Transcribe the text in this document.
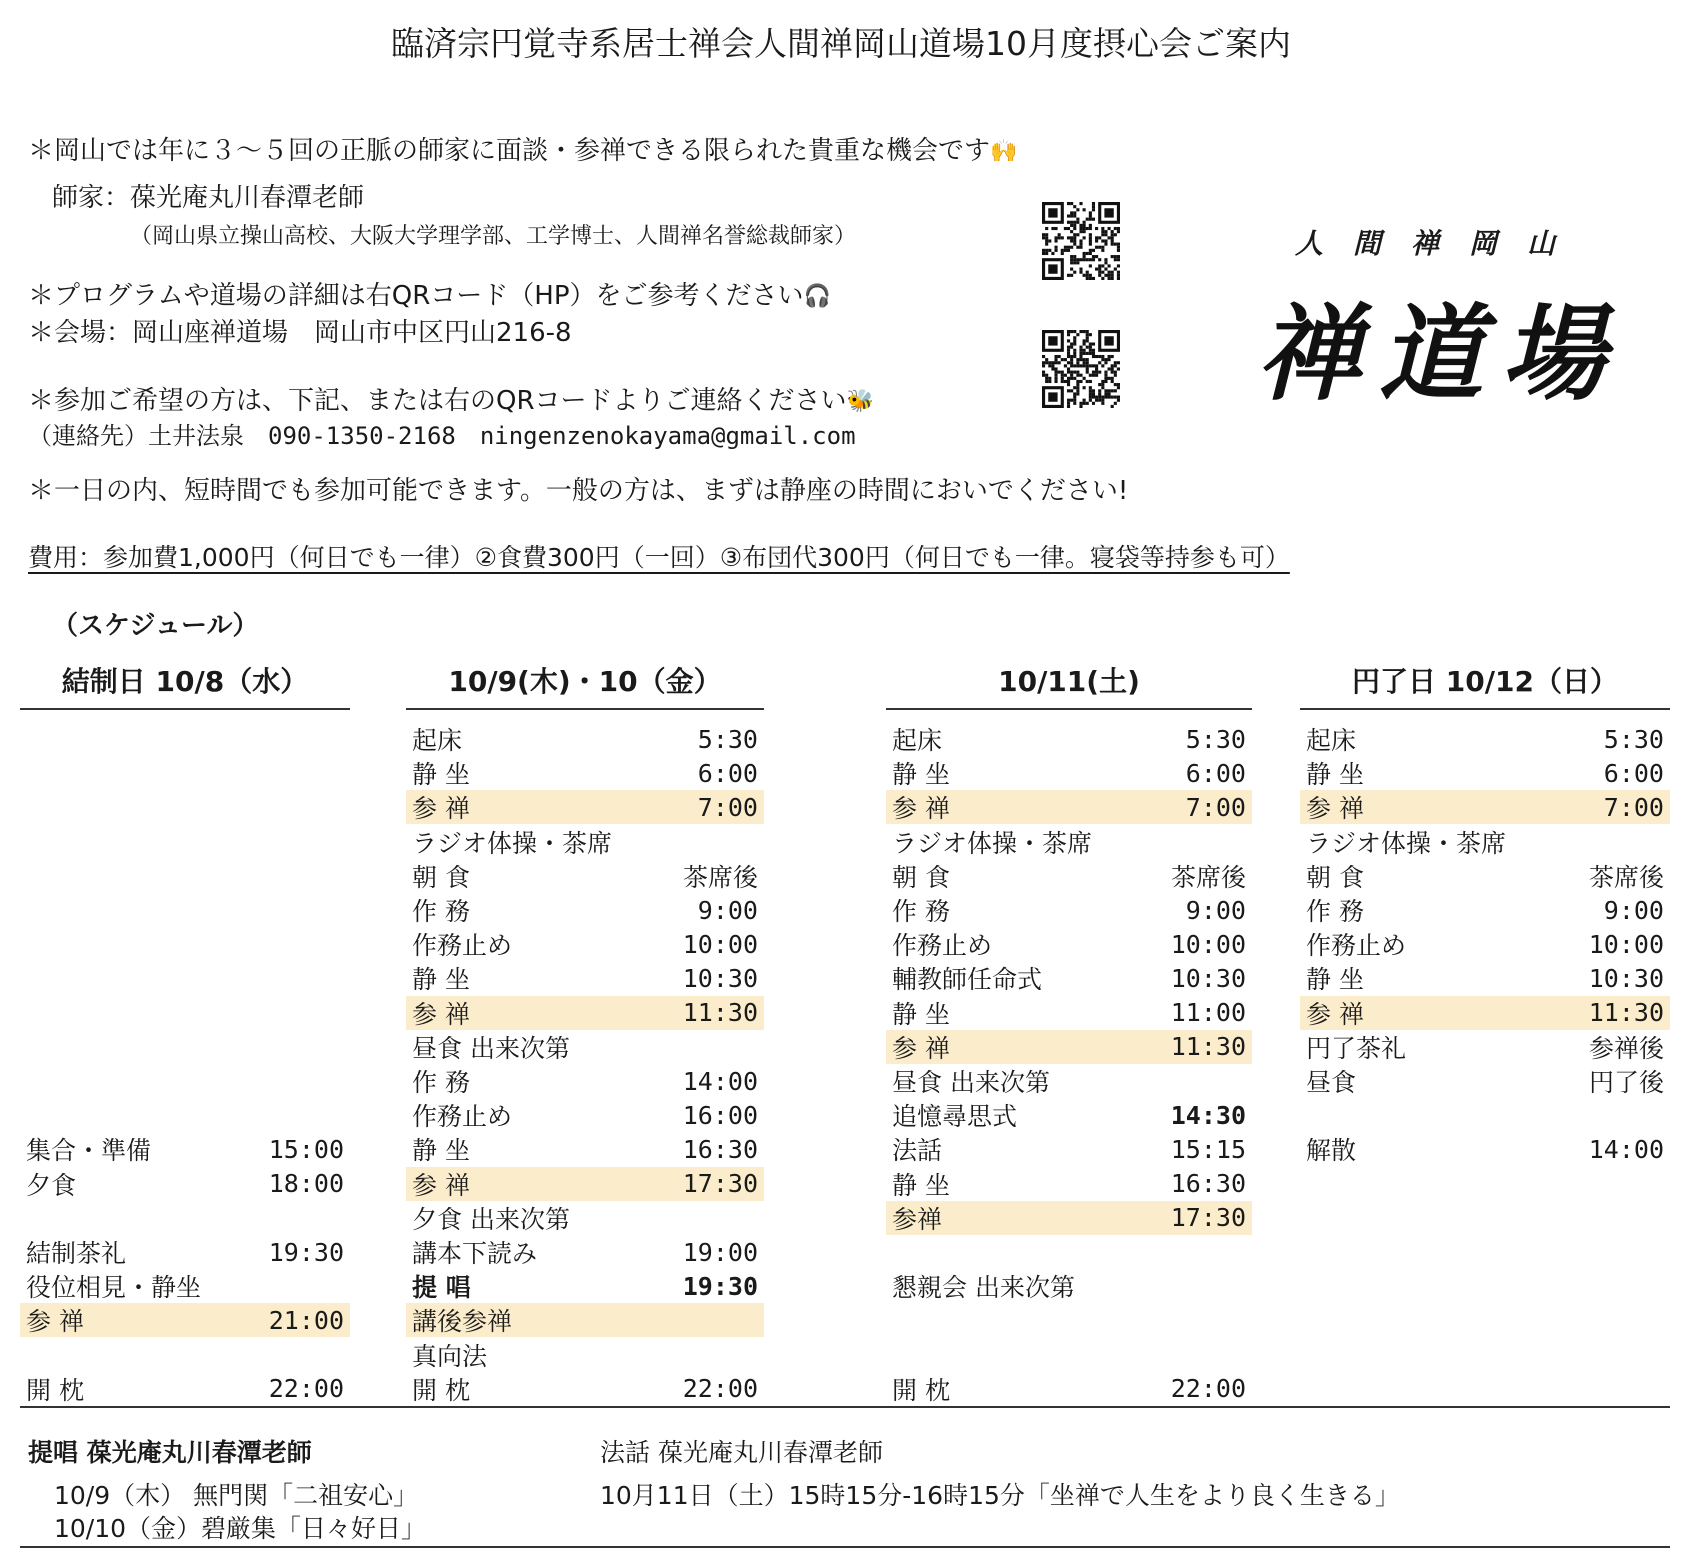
臨済宗円覚寺系居士禅会人間禅岡山道場10月度摂心会ご案内
＊岡山では年に３～５回の正脈の師家に面談・参禅できる限られた貴重な機会です🙌
師家：葆光庵丸川春潭老師
（岡山県立操山高校、大阪大学理学部、工学博士、人間禅名誉総裁師家）
＊プログラムや道場の詳細は右QRコード（HP）をご参考ください🎧
＊会場：岡山座禅道場　岡山市中区円山216-8
＊参加ご希望の方は、下記、または右のQRコードよりご連絡ください🐝
（連絡先）土井法泉　090-1350-2168　ningenzenokayama@gmail.com
＊一日の内、短時間でも参加可能できます。一般の方は、まずは静座の時間においでください!
費用：参加費1,000円（何日でも一律）②食費300円（一回）③布団代300円（何日でも一律。寝袋等持参も可）
人間禅岡山
禅道場
（スケジュール）
結制日 10/8（水）	10/9(木)・10（金）	10/11(土)	円了日 10/12（日）
集合・準備	15:00
夕食	18:00
結制茶礼	19:30
役位相見・静坐
参 禅	21:00
開 枕	22:00
起床	5:30
静 坐	6:00
参 禅	7:00
ラジオ体操・茶席
朝 食	茶席後
作 務	9:00
作務止め	10:00
静 坐	10:30
参 禅	11:30
昼食 出来次第
作 務	14:00
作務止め	16:00
静 坐	16:30
参 禅	17:30
夕食 出来次第
講本下読み	19:00
提 唱	19:30
講後参禅
真向法
開 枕	22:00
起床	5:30
静 坐	6:00
参 禅	7:00
ラジオ体操・茶席
朝 食	茶席後
作 務	9:00
作務止め	10:00
輔教師任命式	10:30
静 坐	11:00
参 禅	11:30
昼食 出来次第
追憶尋思式	14:30
法話	15:15
静 坐	16:30
参禅	17:30
懇親会 出来次第
開 枕	22:00
起床	5:30
静 坐	6:00
参 禅	7:00
ラジオ体操・茶席
朝 食	茶席後
作 務	9:00
作務止め	10:00
静 坐	10:30
参 禅	11:30
円了茶礼	参禅後
昼食	円了後
解散	14:00
提唱 葆光庵丸川春潭老師
10/9（木） 無門関「二祖安心」
10/10（金）碧厳集「日々好日」
法話 葆光庵丸川春潭老師
10月11日（土）15時15分-16時15分「坐禅で人生をより良く生きる」
